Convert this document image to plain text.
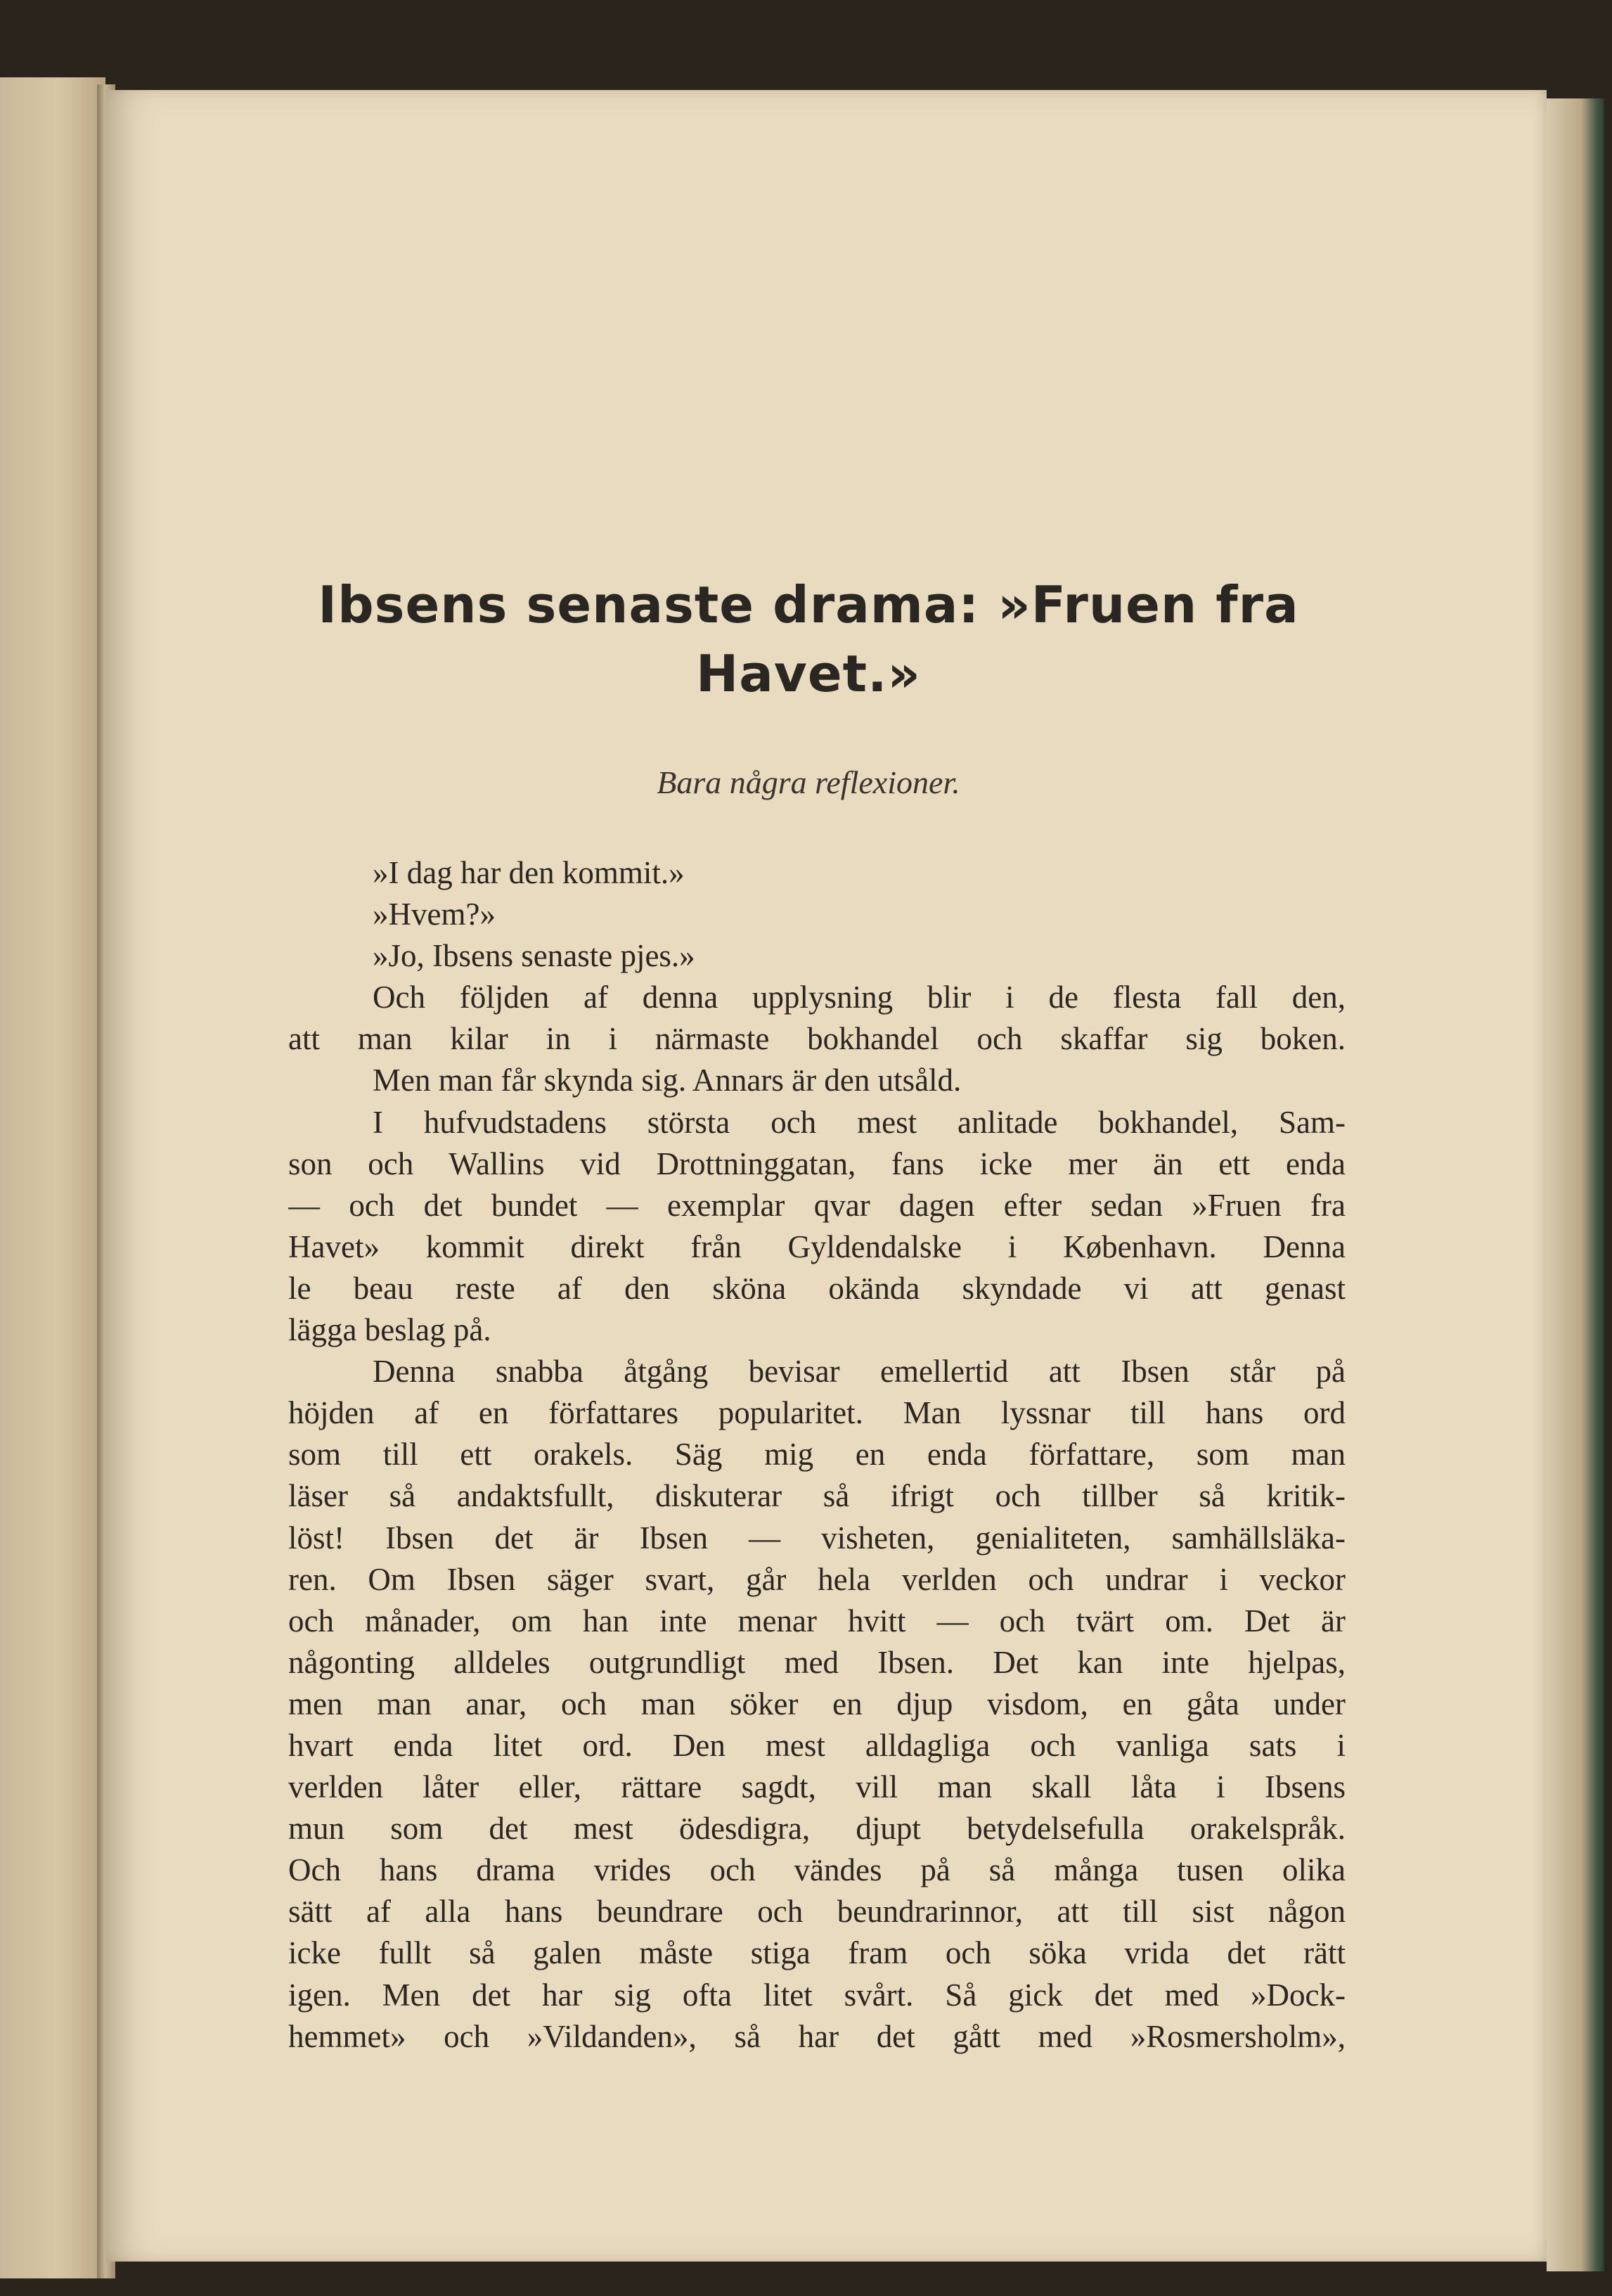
Ibsens senaste drama: »Fruen fra
Havet.»
Bara några reflexioner.
»I dag har den kommit.»
»Hvem?»
»Jo, Ibsens senaste pjes.»
Och följden af denna upplysning blir i de flesta fall den,
att man kilar in i närmaste bokhandel och skaffar sig boken.
Men man får skynda sig. Annars är den utsåld.
I hufvudstadens största och mest anlitade bokhandel, Sam-
son och Wallins vid Drottninggatan, fans icke mer än ett enda
— och det bundet — exemplar qvar dagen efter sedan »Fruen fra
Havet» kommit direkt från Gyldendalske i København. Denna
le beau reste af den sköna okända skyndade vi att genast
lägga beslag på.
Denna snabba åtgång bevisar emellertid att Ibsen står på
höjden af en författares popularitet. Man lyssnar till hans ord
som till ett orakels. Säg mig en enda författare, som man
läser så andaktsfullt, diskuterar så ifrigt och tillber så kritik-
löst! Ibsen det är Ibsen — visheten, genialiteten, samhällsläka-
ren. Om Ibsen säger svart, går hela verlden och undrar i veckor
och månader, om han inte menar hvitt — och tvärt om. Det är
någonting alldeles outgrundligt med Ibsen. Det kan inte hjelpas,
men man anar, och man söker en djup visdom, en gåta under
hvart enda litet ord. Den mest alldagliga och vanliga sats i
verlden låter eller, rättare sagdt, vill man skall låta i Ibsens
mun som det mest ödesdigra, djupt betydelsefulla orakelspråk.
Och hans drama vrides och vändes på så många tusen olika
sätt af alla hans beundrare och beundrarinnor, att till sist någon
icke fullt så galen måste stiga fram och söka vrida det rätt
igen. Men det har sig ofta litet svårt. Så gick det med »Dock-
hemmet» och »Vildanden», så har det gått med »Rosmersholm»,
